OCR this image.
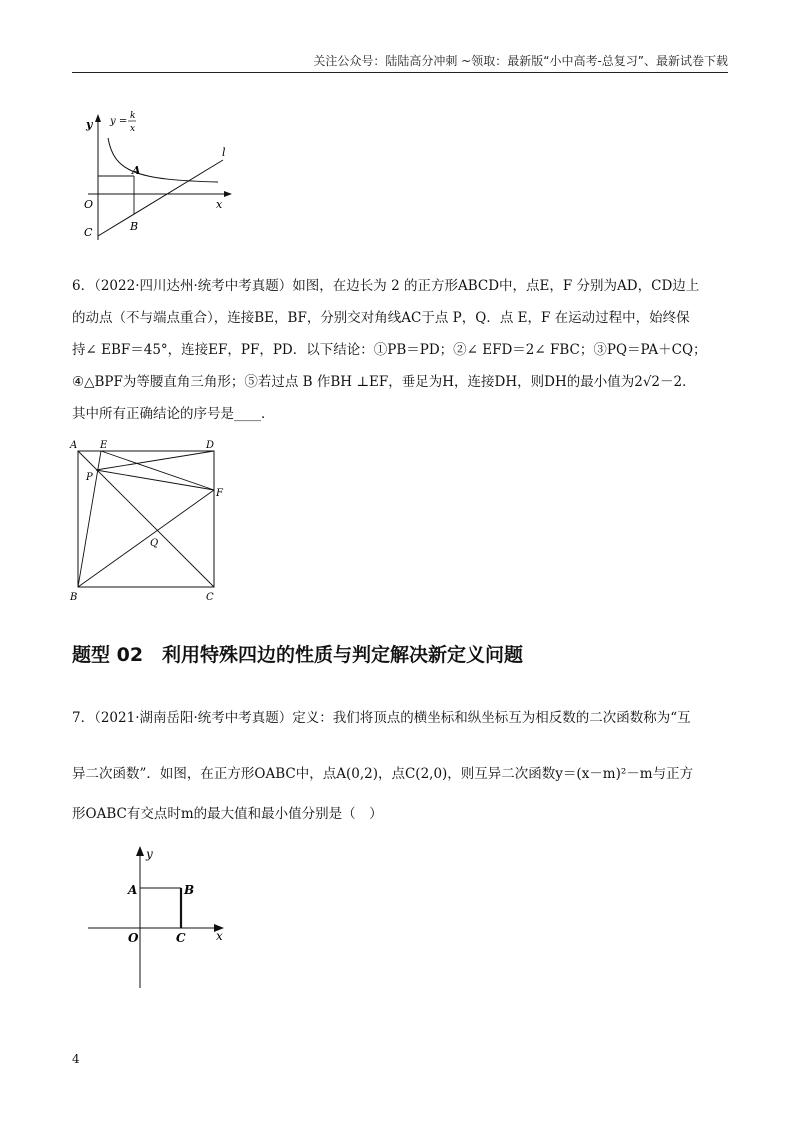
关注公众号：陆陆高分冲刺 ~领取：最新版“小中高考-总复习”、最新试卷下载
y
x
y = k
x
l
A
B
C
O
6．（2022·四川达州·统考中考真题）如图，在边长为 2 的正方形ABCD中，点E，F 分别为AD，CD边上
的动点（不与端点重合），连接BE，BF，分别交对角线AC于点 P，Q．点 E，F 在运动过程中，始终保
持∠ EBF＝45°，连接EF，PF，PD．以下结论：①PB＝PD；②∠ EFD＝2∠ FBC；③PQ＝PA＋CQ；
④△BPF为等腰直角三角形；⑤若过点 B 作BH ⊥EF，垂足为H，连接DH，则DH的最小值为2√2－2．
其中所有正确结论的序号是____．
A E	D
P
F
Q
B	C
题型 02　利用特殊四边的性质与判定解决新定义问题
7．（2021·湖南岳阳·统考中考真题）定义：我们将顶点的横坐标和纵坐标互为相反数的二次函数称为“互
异二次函数”．如图，在正方形OABC中，点A(0,2)，点C(2,0)，则互异二次函数y＝(x－m)²－m与正方
形OABC有交点时m的最大值和最小值分别是（　）
y
x
A	B
O	C
4
